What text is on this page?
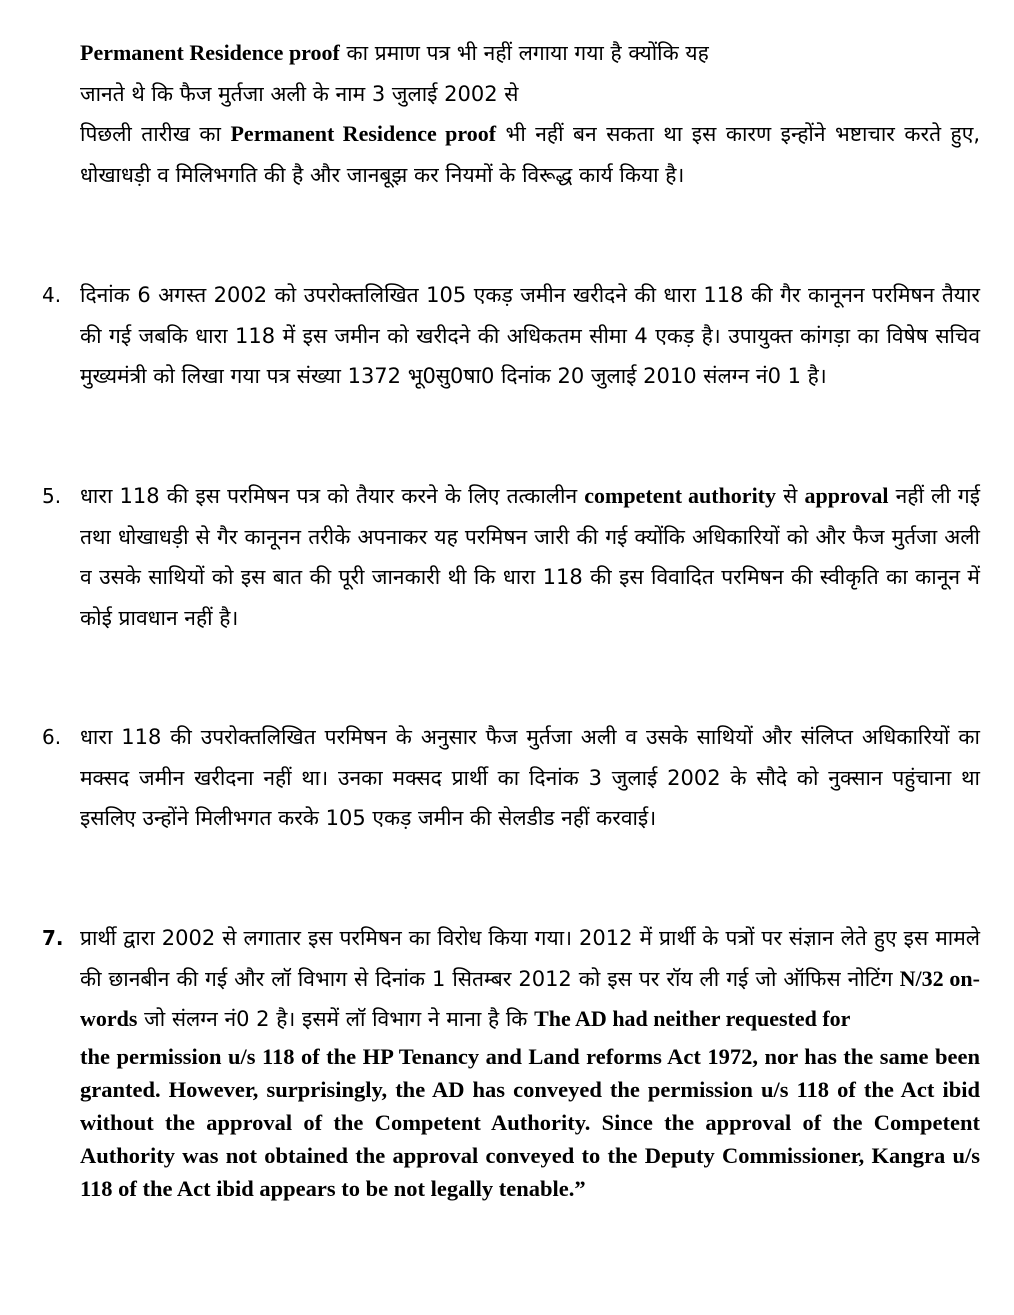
Permanent Residence proof का प्रमाण पत्र भी नहीं लगाया गया है क्योंकि यह
जानते थे कि फैज मुर्तजा अली के नाम 3 जुलाई 2002 से
पिछली तारीख का Permanent Residence proof भी नहीं बन सकता था इस कारण इन्होंने भष्टाचार करते हुए, धोखाधड़ी व मिलिभगति की है और जानबूझ कर नियमों के विरूद्ध कार्य किया है।
4. दिनांक 6 अगस्त 2002 को उपरोक्तलिखित 105 एकड़ जमीन खरीदने की धारा 118 की गैर कानूनन परमिषन तैयार की गई जबकि धारा 118 में इस जमीन को खरीदने की अधिकतम सीमा 4 एकड़ है। उपायुक्त कांगड़ा का विषेष सचिव मुख्यमंत्री को लिखा गया पत्र संख्या 1372 भू0सु0षा0 दिनांक 20 जुलाई 2010 संलग्न नं0 1 है।
5. धारा 118 की इस परमिषन पत्र को तैयार करने के लिए तत्कालीन competent authority से approval नहीं ली गई तथा धोखाधड़ी से गैर कानूनन तरीके अपनाकर यह परमिषन जारी की गई क्योंकि अधिकारियों को और फैज मुर्तजा अली व उसके साथियों को इस बात की पूरी जानकारी थी कि धारा 118 की इस विवादित परमिषन की स्वीकृति का कानून में कोई प्रावधान नहीं है।
6. धारा 118 की उपरोक्तलिखित परमिषन के अनुसार फैज मुर्तजा अली व उसके साथियों और संलिप्त अधिकारियों का मक्सद जमीन खरीदना नहीं था। उनका मक्सद प्रार्थी का दिनांक 3 जुलाई 2002 के सौदे को नुक्सान पहुंचाना था इसलिए उन्होंने मिलीभगत करके 105 एकड़ जमीन की सेलडीड नहीं करवाई।
7. प्रार्थी द्वारा 2002 से लगातार इस परमिषन का विरोध किया गया। 2012 में प्रार्थी के पत्रों पर संज्ञान लेते हुए इस मामले की छानबीन की गई और लॉ विभाग से दिनांक 1 सितम्बर 2012 को इस पर रॉय ली गई जो ऑफिस नोटिंग N/32 on-words जो संलग्न नं0 2 है। इसमें लॉ विभाग ने माना है कि The AD had neither requested for
the permission u/s 118 of the HP Tenancy and Land reforms Act 1972, nor has the same been granted. However, surprisingly, the AD has conveyed the permission u/s 118 of the Act ibid without the approval of the Competent Authority. Since the approval of the Competent Authority was not obtained the approval conveyed to the Deputy Commissioner, Kangra u/s 118 of the Act ibid appears to be not legally tenable.”
